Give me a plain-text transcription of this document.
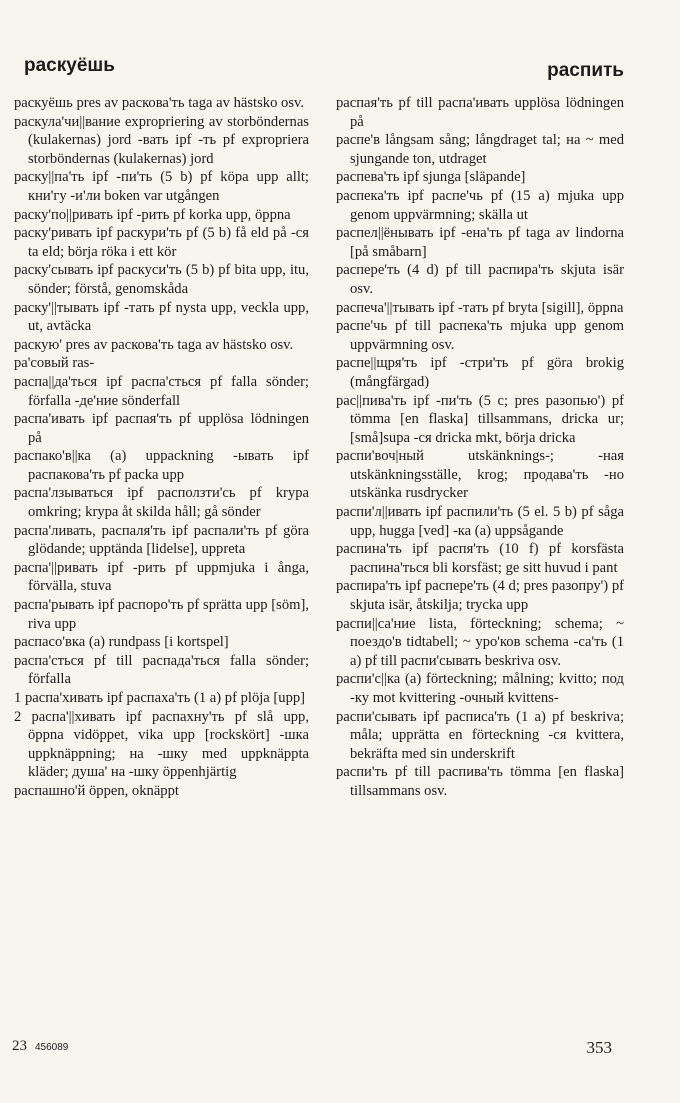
раскуёшь	распить

раскуёшь pres av раскова'ть taga av hästsko osv.

раскула'чи||вание expropriering av storböndernas (kulakernas) jord -вать ipf -ть pf expropriera storböndernas (kulakernas) jord

раску||па'ть ipf -пи'ть (5 b) pf köpa upp allt; кни'гу -и'ли boken var utgången

раску'по||ривать ipf -рить pf korka upp, öppna

раску'ривать ipf раскури'ть pf (5 b) få eld på -ся ta eld; börja röka i ett kör

раску'сывать ipf раскуси'ть (5 b) pf bita upp, itu, sönder; förstå, genomskåda

раску'||тывать ipf -тать pf nysta upp, veckla upp, ut, avtäcka

раскую' pres av раскова'ть taga av hästsko osv.

ра'совый ras-

распа||да'ться ipf распа'сться pf falla sönder; förfalla -де'ние sönderfall

распа'ивать ipf распая'ть pf upplösa lödningen på

распако'в||ка (a) uppackning -ывать ipf распакова'ть pf packa upp

распа'лзываться ipf расползти'сь pf krypa omkring; krypa åt skilda håll; gå sönder

распа'ливать, распаля'ть ipf распали'ть pf göra glödande; upptända [lidelse], uppreta

распа'||ривать ipf -рить pf uppmjuka i ånga, förvälla, stuva

распа'рывать ipf распоро'ть pf sprätta upp [söm], riva upp

распасо'вка (a) rundpass [i kortspel]

распа'сться pf till распада'ться falla sönder; förfalla

1 распа'хивать ipf распаха'ть (1 a) pf plöja [upp]

2 распа'||хивать ipf распахну'ть pf slå upp, öppna vidöppet, vika upp [rockskört] -шка uppknäppning; на -шку med uppknäppta kläder; душа' на -шку öppenhjärtig

распашно'й öppen, oknäppt

распая'ть pf till распа'ивать upplösa lödningen på

распе'в långsam sång; långdraget tal; на ~ med sjungande ton, utdraget

распева'ть ipf sjunga [släpande]

распека'ть ipf распе'чь pf (15 a) mjuka upp genom uppvärmning; skälla ut

распел||ёнывать ipf -ена'ть pf taga av lindorna [på småbarn]

распере'ть (4 d) pf till распира'ть skjuta isär osv.

распеча'||тывать ipf -тать pf bryta [sigill], öppna

распе'чь pf till распека'ть mjuka upp genom uppvärmning osv.

распе||щря'ть ipf -стри'ть pf göra brokig (mångfärgad)

рас||пива'ть ipf -пи'ть (5 c; pres разопью') pf tömma [en flaska] tillsammans, dricka ur; [små]supa -ся dricka mkt, börja dricka

распи'воч|ный utskänknings-; -ная utskänkningsställe, krog; продава'ть -но utskänka rusdrycker

распи'л||ивать ipf распили'ть (5 el. 5 b) pf såga upp, hugga [ved] -ка (a) uppsågande

распина'ть ipf распя'ть (10 f) pf korsfästa распина'ться bli korsfäst; ge sitt huvud i pant

распира'ть ipf распере'ть (4 d; pres разопру') pf skjuta isär, åtskilja; trycka upp

распи||са'ние lista, förteckning; schema; ~ поездо'в tidtabell; ~ уро'ков schema -са'ть (1 a) pf till распи'сывать beskriva osv.

распи'с||ка (a) förteckning; målning; kvitto; под -ку mot kvittering -очный kvittens-

распи'сывать ipf расписа'ть (1 a) pf beskriva; måla; upprätta en förteckning -ся kvittera, bekräfta med sin underskrift

распи'ть pf till распива'ть tömma [en flaska] tillsammans osv.

23 456089	353
